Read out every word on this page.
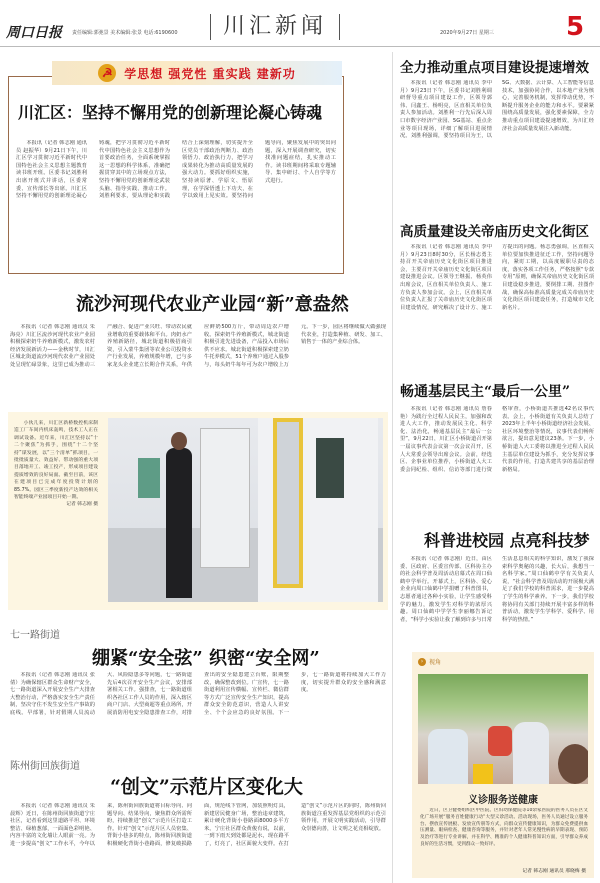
周口日报 责任编辑:郭弛景 美术编辑:张景 电话:6190600	川汇新闻	2020年9月27日 星期三	5
☭ 学思想 强党性 重实践 建新功
川汇区：坚持不懈用党的创新理论凝心铸魂

本报讯（记者 韩志刚 通讯员 赵振华）9月21日下午，川汇区学习贯彻习近平新时代中国特色社会主义思想主题教育读书班开班。区委书记刘胜利出席开班式并讲话，区委常委、宣传部长等出席。川汇区坚持不懈用党的创新理论凝心铸魂，把学习贯彻习近平新时代中国特色社会主义思想作为首要政治任务，全面系统掌握这一思想的科学体系，准确把握贯穿其中的立场观点方法，坚持不懈用党的创新理论武装头脑、指导实践、推动工作。刘胜利要求，要从理论和实践结合上深刻理解，切实提升全区党员干部政治判断力、政治领悟力、政治执行力，把学习成果转化为推动高质量发展的强大动力。要抓好组织实施，坚持读原著、学原文、悟原理，在学深悟透上下功夫，在学以致用上见实效。要坚持问题导向，聚焦发展中的突出问题，深入开展调查研究，切实找准问题症结，扎实推动工作。读书班期间将采取专题辅导、集中研讨、个人自学等方式进行。

流沙河现代农业产业园“新”意盎然

本报讯（记者 韩志刚 通讯员 朱海亮）川汇区流沙河现代农业产业园积极探索奶牛养殖新模式，激发农村经济发展新活力——金秋时节，川汇区城北街道流沙河现代农业产业园处处呈现忙碌景象，这里已成为推动三产融合、促进产业兴旺、带动农民就业增收的重要载体和平台。肉奶水产养殖新路径，城北街道积极招商引资，引入蒙牛集团等农业公司投资水产行业发展，养殖规模年增，已与多家龙头企业建立长期合作关系，年供应鲜奶500万斤，带动周边农户增收。探索奶牛养殖新模式，城北街道积极引进先进设备，产品投入市场后供不应求。城北街道积极探索建立奶牛托养模式，51个养殖户通过入股参与，每头奶牛每年可为农户增收上万元。下一步，园区将继续做大做强现代农业，打造集种植、研发、加工、销售于一体的产业综合体。

小伙儿来，川汇区新桥数控机床制造工厂车间内机床轰鸣，技术工人正在调试设备。近年来，川汇区坚持以“十二个聚焦”为抓手，围绕“十二个坚持”谋发展，以“三个清单”抓项目，一批批质量大、效益好、带动强的重大项目落地开工、竣工投产，形成项目建设提质增效的良好局面。截至目前，该区在建项目已完成年度投资计划的85.7%。园区三季度新投产达效的相关智能终端产业园项目开始一期。

记者 韩志刚 摄
七一路街道
绷紧“安全弦” 织密“安全网”

本报讯（记者 韩志刚 通讯员 张倩）为确保辖区群众生命财产安全，七一路街道深入开展安全生产大排查大整治行动，严格落实安全生产责任制，坚决守住不发生安全生产事故的底线。早部署，针对假期人员流动大、风险隐患多等问题，七一路街道先后4次召开安全生产会议，安排部署相关工作。强排查，七一路街道组织各社区工作人员的作用，深入辖区商户门店、大型商超等重点场所，开展消防用电安全隐患排查工作，对排查出的安全隐患建立台账，限期整改，确保整改到位。广宣传，七一路街道利用宣传横幅、宣传栏、微信群等方式广泛宣传安全生产知识，提高群众安全防范意识，营造人人讲安全、个个会应急的良好氛围。下一步，七一路街道将持续加大工作力度，切实提升群众的安全感和满意度。

陈州街回族街道
“创文”示范片区变化大

本报讯（记者 韩志刚 通讯员 朱晨辉）近日，在陈州街回族街道宁庄社区，记者看到这里道路平坦、环境整洁、绿植葱郁，一面面色彩明艳、内容丰富的文化墙让人眼前一亮。为进一步提高“创文”工作水平，今年以来，陈州街回族街道将目标导向、问题导向、结果导向，聚焦群众所需所盼，持续推进“创文”示范片区打造工作。针对“创文”示范片区人员密集、背街小巷多的特点，陈州街回族街道积极硬化背街小巷路面，修复破损路面，规范线下管网，加装照明灯具，新建居民健身广场，整治违章建筑，累计硬化背街小巷路面8000多平方米。宁庄社区群众黄俊有说，以前，一到下雨天到处都是泥水，现在路平了，灯亮了，社区面貌大变样。在打造“创文”示范片区的同时，陈州街回族街道注重发挥基层党组织的示范引领作用，开展文明实践活动，引导群众崇德向善，让文明之花竞相绽放。

全力推动重点项目建设提速增效

本报讯（记者 韩志刚 通讯员 李中月）9月23日下午，区委书记刘胜利调研督导重点项目建设工作，区领导郭伟、闫鑫王、杨明亮，区直相关单位负责人参加活动。刘胜利一行先后深入周口市数字经济产业园、5G基站、重点企业等项目现场，详细了解项目进展情况。刘胜利强调，要坚持项目为王，以5G、大数据、云计算、人工智能等信息技术，加强协同合作，以本地产业为核心，完善服务机制，发挥带动优势，不断提升服务企业的能力和水平。要紧紧围绕高质量发展，强化要素保障，全力推动重点项目建设提速增效，为川汇经济社会高质量发展注入新动能。

高质量建设关帝庙历史文化街区

本报讯（记者 韩志刚 通讯员 李中月）9月23日8时30分，区长杨志勇主持召开关帝庙历史文化街区项目推进会，主要召开关帝庙历史文化街区项目建设推进会议。区领导王继振、杨英伟出席会议，区直相关单位负责人、施工方负责人参加会议。会上，区直相关单位负责人汇报了关帝庙历史文化街区项目建设情况，研究解决了设计方、施工方提出的问题。杨志勇强调，区直相关单位要加快推进征迁工作，坚持问题导向，紧盯工期，以高度履职尽责的态度，落实各项工作任务，严格按照“专款专用”原则，确保关帝庙历史文化街区项目建设稳步推进，要倒排工期、挂图作战，确保高标准高质量完成关帝庙历史文化街区项目建设任务，打造城市文化新名片。

畅通基层民主“最后一公里”

本报讯（记者 韩志刚 通讯员 詹春艳）为践行全过程人民民主，加强和改进人大工作，推动发展民主化、科学化、法治化，畅通基层民主“最后一公里”，9月22日，川汇区小桥街道召开第一届议事代表会议第一次会议召开，区人大常委会领导出席会议。会前，经选区、企事业单位推荐，小桥街道人大工委会同纪检、组织、信访等部门进行资格审查，小桥街道共推选42名议事代表。会上，小桥街道有关负责人总结了2023年上半年小桥街道经济社会发展、社区环境整治等情况，议事代表们畅所欲言，提出意见建议23条。下一步，小桥街道人大工委将以推进全过程人民民主基层单位建设为抓手，充分发挥议事代表的作用，打造共建共享的基层治理新格局。

科普进校园 点亮科技梦

本报讯（记者 韩志刚）近日，由区委、区政府、区委宣传部、区科协主办的社会科学普及周活动启幕式在周口仙鹤中学举行。开幕式上，区科协、爱心企业向周口仙鹤中学捐赠了科普图书，志愿者通过各种小实验，让学生感受科学的魅力，激发学生对科学的浓厚兴趣。周口仙鹤中学学生李丽娜告诉记者，“科学小实验让我了解到许多与日常生活息息相关的科学知识，激发了我探索科学奥秘的兴趣，长大后，我想当一名科学家。”周口仙鹤中学有关负责人说，“社会科学普及周活动的开展极大满足了我们学校的科普需求，进一步提高了学生的科学素养。下一步，我们学校将协同有关部门持续开展丰富多样的科普活动，激发学生学科学、爱科学、用科学的热情。”

› 视角
义诊服务送健康

近日，区卫健委组织区中医院、区妇幼保健院等10余家医院的医务人员在区文化广场开展“服务百姓健康行动”大型义诊活动。活动现场，医务人员通过设立服务台、摆放宣传展板、发放宣传册等方式，向群众宣传健康知识，为群众免费提供血压测量、眼病检查、健康咨询等服务，并针对老年人常见慢性病的早期表现、预防及治疗等进行专业讲解，并在科学、精准的个人健康科普知识方面，引导群众养成良好的生活习惯，受到群众一致好评。

记者 韩志刚 通讯员 邢晓梅 摄
